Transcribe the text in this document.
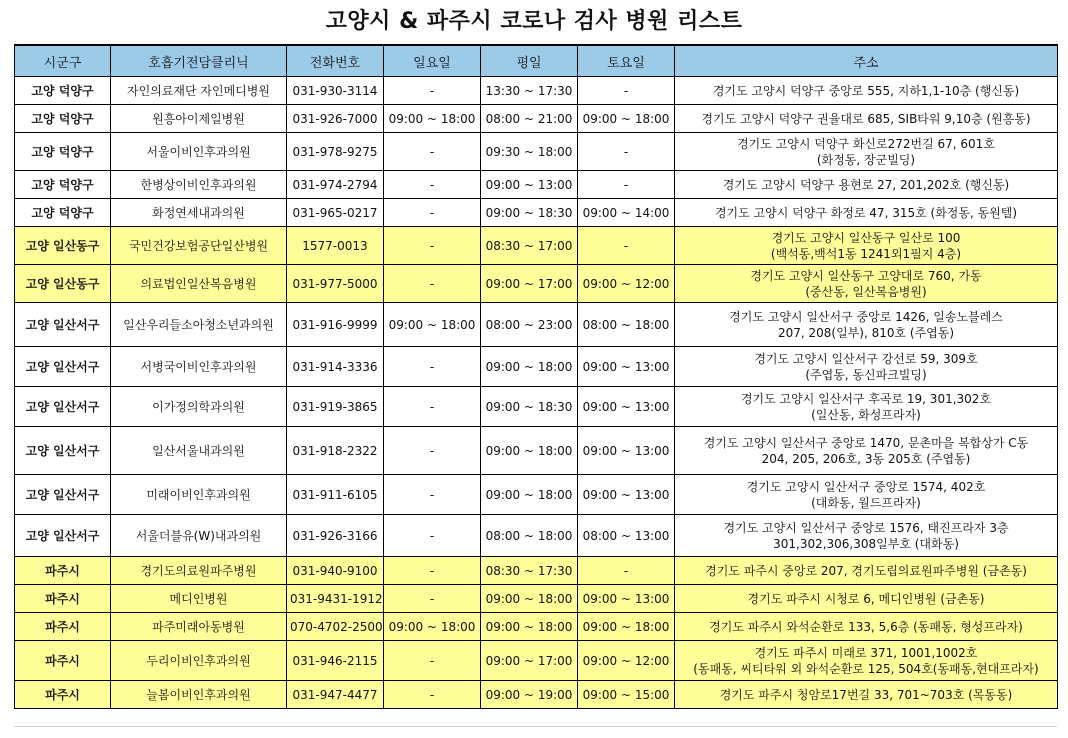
고양시 & 파주시 코로나 검사 병원 리스트
시군구	호흡기전담클리닉	전화번호	일요일	평일	토요일	주소
고양 덕양구	자인의료재단 자인메디병원	031-930-3114	-	13:30 ~ 17:30	-	경기도 고양시 덕양구 중앙로 555, 지하1,1-10층 (행신동)

고양 덕양구	원흥아이제일병원	031-926-7000	09:00 ~ 18:00	08:00 ~ 21:00	09:00 ~ 18:00	경기도 고양시 덕양구 권율대로 685, SIB타워 9,10층 (원흥동)

고양 덕양구	서울이비인후과의원	031-978-9275	-	09:30 ~ 18:00	-	경기도 고양시 덕양구 화신로272번길 67, 601호
(화정동, 장군빌딩)

고양 덕양구	한병상이비인후과의원	031-974-2794	-	09:00 ~ 13:00	-	경기도 고양시 덕양구 용현로 27, 201,202호 (행신동)

고양 덕양구	화정연세내과의원	031-965-0217	-	09:00 ~ 18:30	09:00 ~ 14:00	경기도 고양시 덕양구 화정로 47, 315호 (화정동, 동원텔)

고양 일산동구	국민건강보험공단일산병원	1577-0013	-	08:30 ~ 17:00	-	경기도 고양시 일산동구 일산로 100
(백석동,백석1동 1241외1필지 4층)

고양 일산동구	의료법인일산복음병원	031-977-5000	-	09:00 ~ 17:00	09:00 ~ 12:00	경기도 고양시 일산동구 고양대로 760, 가동
(중산동, 일산복음병원)

고양 일산서구	일산우리들소아청소년과의원	031-916-9999	09:00 ~ 18:00	08:00 ~ 23:00	08:00 ~ 18:00	경기도 고양시 일산서구 중앙로 1426, 일송노블레스
207, 208(일부), 810호 (주엽동)

고양 일산서구	서병국이비인후과의원	031-914-3336	-	09:00 ~ 18:00	09:00 ~ 13:00	경기도 고양시 일산서구 강선로 59, 309호
(주엽동, 동신파크빌딩)

고양 일산서구	이가정의학과의원	031-919-3865	-	09:00 ~ 18:30	09:00 ~ 13:00	경기도 고양시 일산서구 후곡로 19, 301,302호
(일산동, 화성프라자)

고양 일산서구	일산서울내과의원	031-918-2322	-	09:00 ~ 18:00	09:00 ~ 13:00	경기도 고양시 일산서구 중앙로 1470, 문촌마을 복합상가 C동
204, 205, 206호, 3동 205호 (주엽동)

고양 일산서구	미래이비인후과의원	031-911-6105	-	09:00 ~ 18:00	09:00 ~ 13:00	경기도 고양시 일산서구 중앙로 1574, 402호
(대화동, 월드프라자)

고양 일산서구	서울더블유(W)내과의원	031-926-3166	-	08:00 ~ 18:00	08:00 ~ 13:00	경기도 고양시 일산서구 중앙로 1576, 태진프라자 3층
301,302,306,308일부호 (대화동)

파주시	경기도의료원파주병원	031-940-9100	-	08:30 ~ 17:30	-	경기도 파주시 중앙로 207, 경기도립의료원파주병원 (금촌동)

파주시	메디인병원	031-9431-1912	-	09:00 ~ 18:00	09:00 ~ 13:00	경기도 파주시 시청로 6, 메디인병원 (금촌동)

파주시	파주미래아동병원	070-4702-2500	09:00 ~ 18:00	09:00 ~ 18:00	09:00 ~ 18:00	경기도 파주시 와석순환로 133, 5,6층 (동패동, 형성프라자)

파주시	두리이비인후과의원	031-946-2115	-	09:00 ~ 17:00	09:00 ~ 12:00	경기도 파주시 미래로 371, 1001,1002호
(동패동, 씨티타워 외 와석순환로 125, 504호(동패동,현대프라자)

파주시	늘봄이비인후과의원	031-947-4477	-	09:00 ~ 19:00	09:00 ~ 15:00	경기도 파주시 청암로17번길 33, 701~703호 (목동동)
